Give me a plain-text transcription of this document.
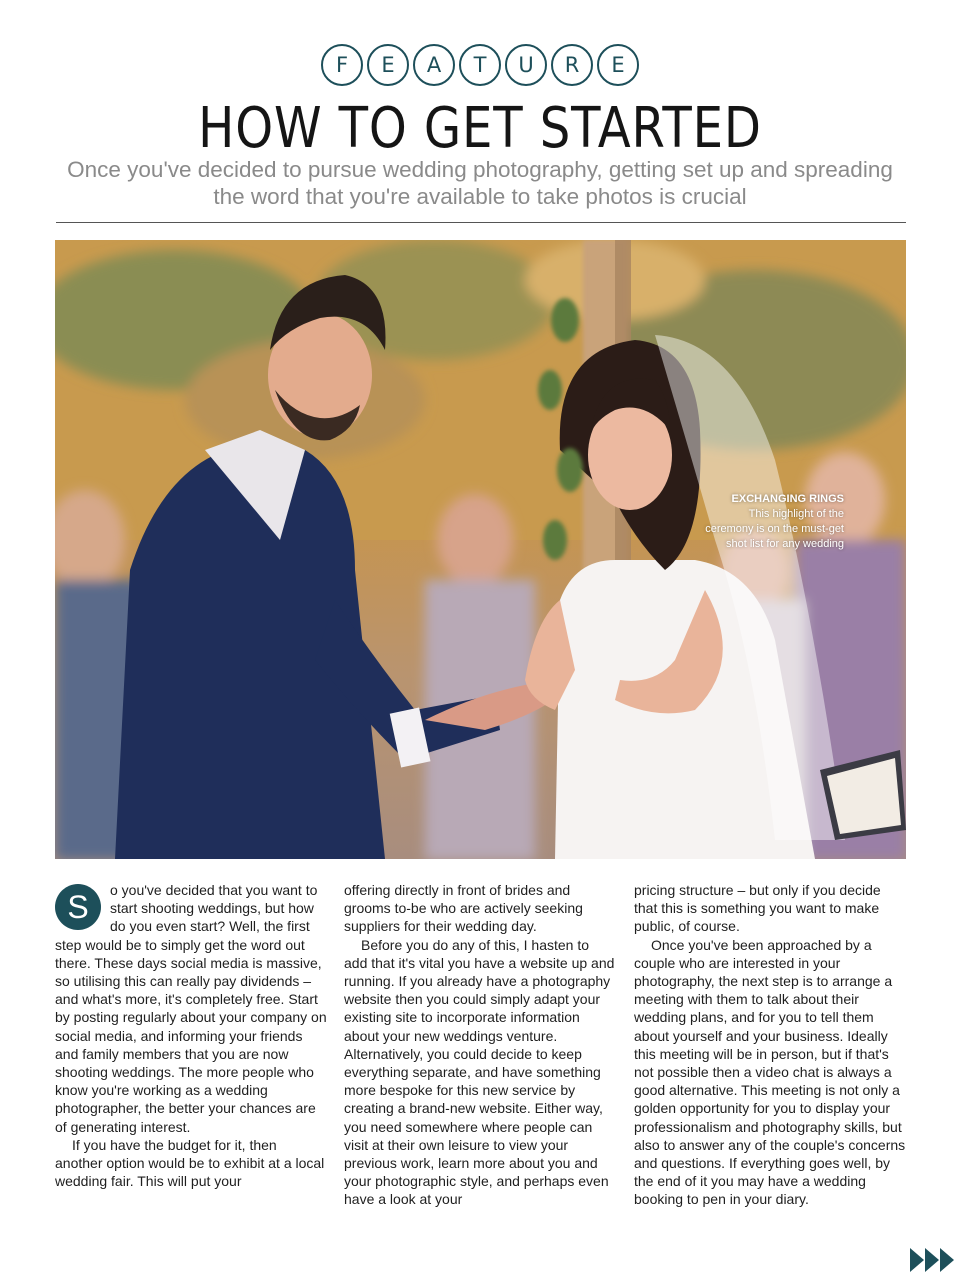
F	E	A	T	U	R	E
HOW TO GET STARTED

Once you've decided to pursue wedding photography, getting set up and spreading the word that you're available to take photos is crucial

EXCHANGING RINGS
This highlight of the
ceremony is on the must-get
shot list for any wedding

S	o you've decided that you want to start shooting weddings, but how do you even start? Well, the first step would be to simply get the word out there. These days social media is massive, so utilising this can really pay dividends – and what's more, it's completely free. Start by posting regularly about your company on social media, and informing your friends and family members that you are now shooting weddings. The more people who know you're working as a wedding photographer, the better your chances are of generating interest.

If you have the budget for it, then another option would be to exhibit at a local wedding fair. This will put your

offering directly in front of brides and grooms to-be who are actively seeking suppliers for their wedding day.

Before you do any of this, I hasten to add that it's vital you have a website up and running. If you already have a photography website then you could simply adapt your existing site to incorporate information about your new weddings venture. Alternatively, you could decide to keep everything separate, and have something more bespoke for this new service by creating a brand-new website. Either way, you need somewhere where people can visit at their own leisure to view your previous work, learn more about you and your photographic style, and perhaps even have a look at your

pricing structure – but only if you decide that this is something you want to make public, of course.

Once you've been approached by a couple who are interested in your photography, the next step is to arrange a meeting with them to talk about their wedding plans, and for you to tell them about yourself and your business. Ideally this meeting will be in person, but if that's not possible then a video chat is always a good alternative. This meeting is not only a golden opportunity for you to display your professionalism and photography skills, but also to answer any of the couple's concerns and questions. If everything goes well, by the end of it you may have a wedding booking to pen in your diary.
